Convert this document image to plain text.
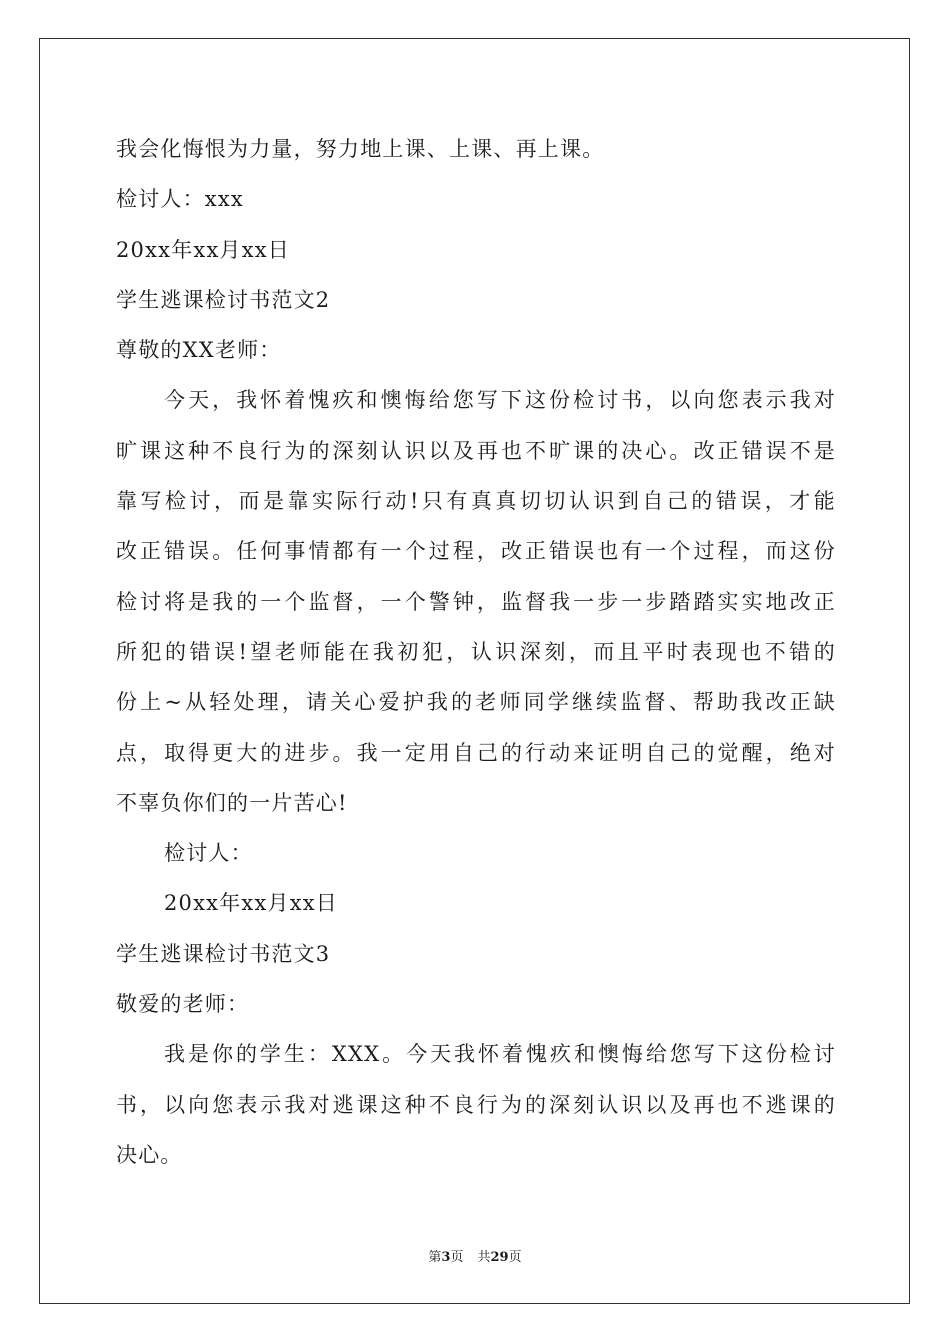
我会化悔恨为力量，努力地上课、上课、再上课。
检讨人：xxx
20xx年xx月xx日
学生逃课检讨书范文2
尊敬的XX老师：
今天，我怀着愧疚和懊悔给您写下这份检讨书，以向您表示我对
旷课这种不良行为的深刻认识以及再也不旷课的决心。改正错误不是
靠写检讨，而是靠实际行动!只有真真切切认识到自己的错误，才能
改正错误。任何事情都有一个过程，改正错误也有一个过程，而这份
检讨将是我的一个监督，一个警钟，监督我一步一步踏踏实实地改正
所犯的错误!望老师能在我初犯，认识深刻，而且平时表现也不错的
份上~从轻处理，请关心爱护我的老师同学继续监督、帮助我改正缺
点，取得更大的进步。我一定用自己的行动来证明自己的觉醒，绝对
不辜负你们的一片苦心!
检讨人：
20xx年xx月xx日
学生逃课检讨书范文3
敬爱的老师：
我是你的学生：XXX。今天我怀着愧疚和懊悔给您写下这份检讨
书，以向您表示我对逃课这种不良行为的深刻认识以及再也不逃课的
决心。
第3页 共29页
